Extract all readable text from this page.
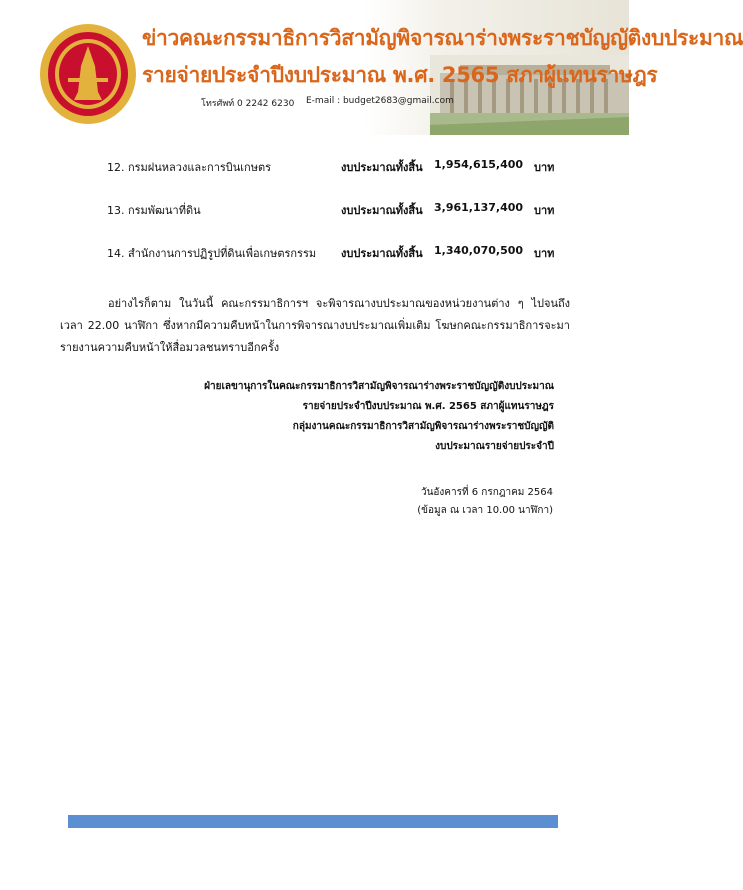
ข่าวคณะกรรมาธิการวิสามัญพิจารณาร่างพระราชบัญญัติงบประมาณ
รายจ่ายประจำปีงบประมาณ พ.ศ. 2565 สภาผู้แทนราษฎร
โทรศัพท์ 0 2242 6230 E-mail : budget2683@gmail.com
12. กรมฝนหลวงและการบินเกษตร	งบประมาณทั้งสิ้น 1,954,615,400 บาท
13. กรมพัฒนาที่ดิน	งบประมาณทั้งสิ้น 3,961,137,400 บาท
14. สำนักงานการปฏิรูปที่ดินเพื่อเกษตรกรรม งบประมาณทั้งสิ้น 1,340,070,500 บาท
อย่างไรก็ตาม ในวันนี้ คณะกรรมาธิการฯ จะพิจารณางบประมาณของหน่วยงานต่าง ๆ ไปจนถึงเวลา 22.00 นาฬิกา ซึ่งหากมีความคืบหน้าในการพิจารณางบประมาณเพิ่มเติม โฆษกคณะกรรมาธิการจะมารายงานความคืบหน้าให้สื่อมวลชนทราบอีกครั้ง
ฝ่ายเลขานุการในคณะกรรมาธิการวิสามัญพิจารณาร่างพระราชบัญญัติงบประมาณ
รายจ่ายประจำปีงบประมาณ พ.ศ. 2565 สภาผู้แทนราษฎร
กลุ่มงานคณะกรรมาธิการวิสามัญพิจารณาร่างพระราชบัญญัติ
งบประมาณรายจ่ายประจำปี
วันอังคารที่ 6 กรกฎาคม 2564
(ข้อมูล ณ เวลา 10.00 นาฬิกา)
